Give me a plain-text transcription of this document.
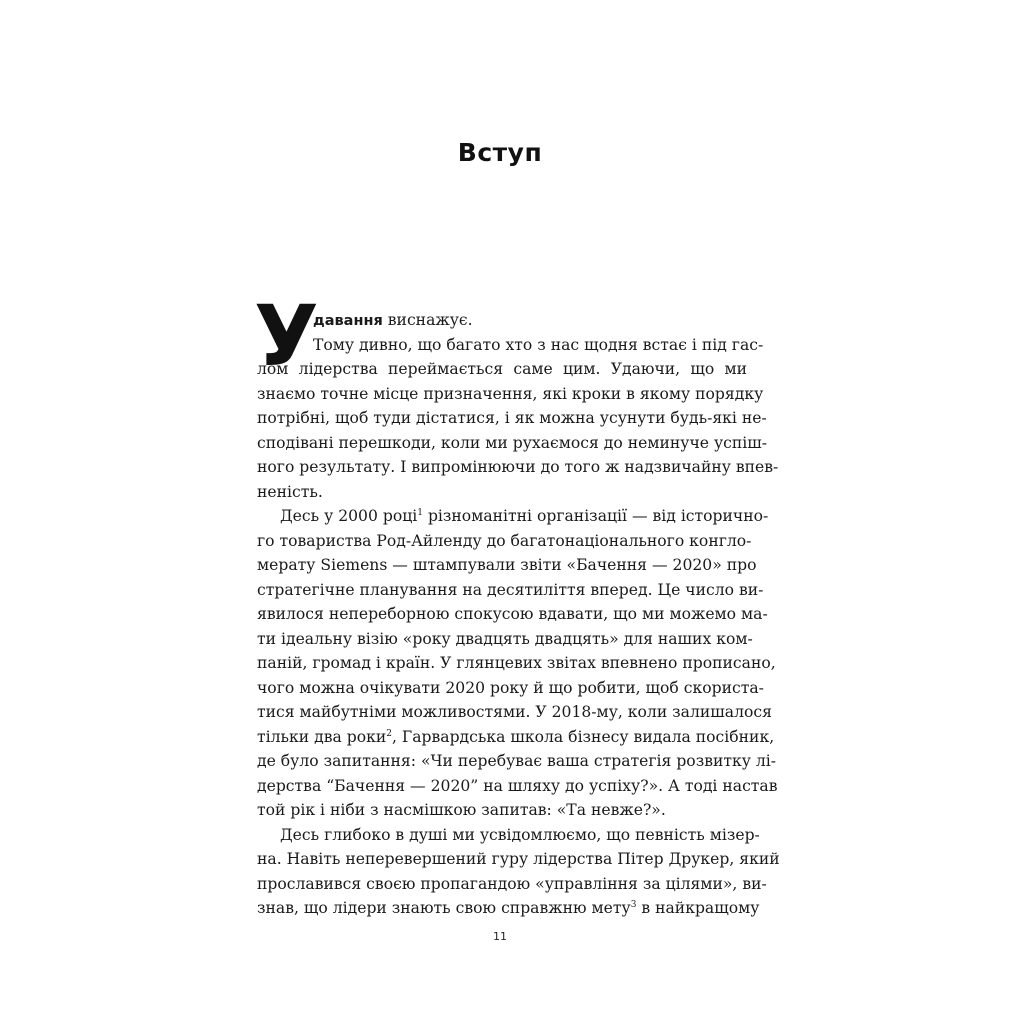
Вступ
У
давання виснажує.
Тому дивно, що багато хто з нас щодня встає і під гас-
лом лідерства переймається саме цим. Удаючи, що ми
знаємо точне місце призначення, які кроки в якому порядку
потрібні, щоб туди дістатися, і як можна усунути будь-які не-
сподівані перешкоди, коли ми рухаємося до неминуче успіш-
ного результату. І випромінюючи до того ж надзвичайну впев-
неність.
Десь у 2000 році$^1$ різноманітні організації — від історично-
го товариства Род-Айленду до багатонаціонального конгло-
мерату Siemens — штампували звіти «Бачення — 2020» про
стратегічне планування на десятиліття вперед. Це число ви-
явилося непереборною спокусою вдавати, що ми можемо ма-
ти ідеальну візію «року двадцять двадцять» для наших ком-
паній, громад і країн. У глянцевих звітах впевнено прописано,
чого можна очікувати 2020 року й що робити, щоб скориста-
тися майбутніми можливостями. У 2018-му, коли залишалося
тільки два роки$^2$, Гарвардська школа бізнесу видала посібник,
де було запитання: «Чи перебуває ваша стратегія розвитку лі-
дерства “Бачення — 2020” на шляху до успіху?». А тоді настав
той рік і ніби з насмішкою запитав: «Та невже?».
Десь глибоко в душі ми усвідомлюємо, що певність мізер-
на. Навіть неперевершений гуру лідерства Пітер Друкер, який
прославився своєю пропагандою «управління за цілями», ви-
знав, що лідери знають свою справжню мету$^3$ в найкращому
11
